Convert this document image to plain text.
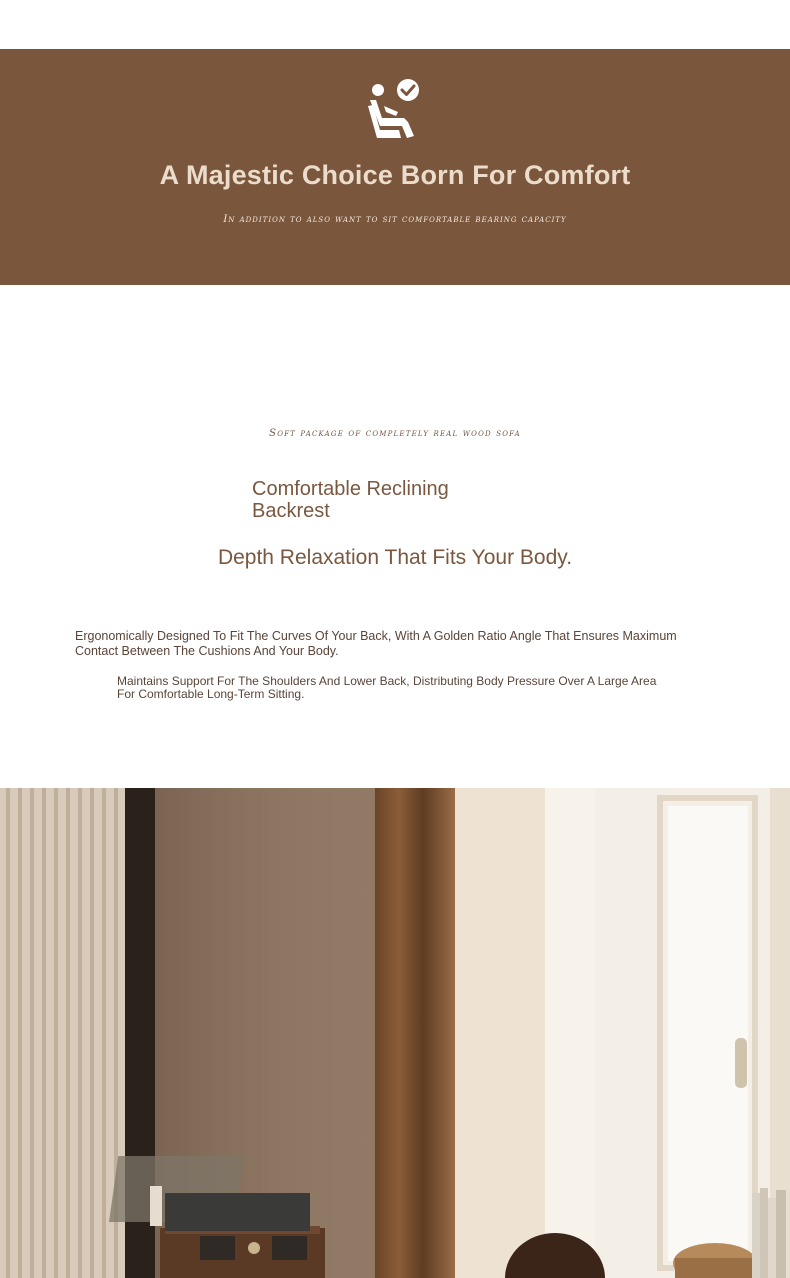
A Majestic Choice Born For Comfort
In addition to also want to sit comfortable bearing capacity
Soft package of completely real wood sofa
Comfortable Reclining Backrest
Depth Relaxation That Fits Your Body.
Ergonomically Designed To Fit The Curves Of Your Back, With A Golden Ratio Angle That Ensures Maximum Contact Between The Cushions And Your Body.
Maintains Support For The Shoulders And Lower Back, Distributing Body Pressure Over A Large Area For Comfortable Long-Term Sitting.
